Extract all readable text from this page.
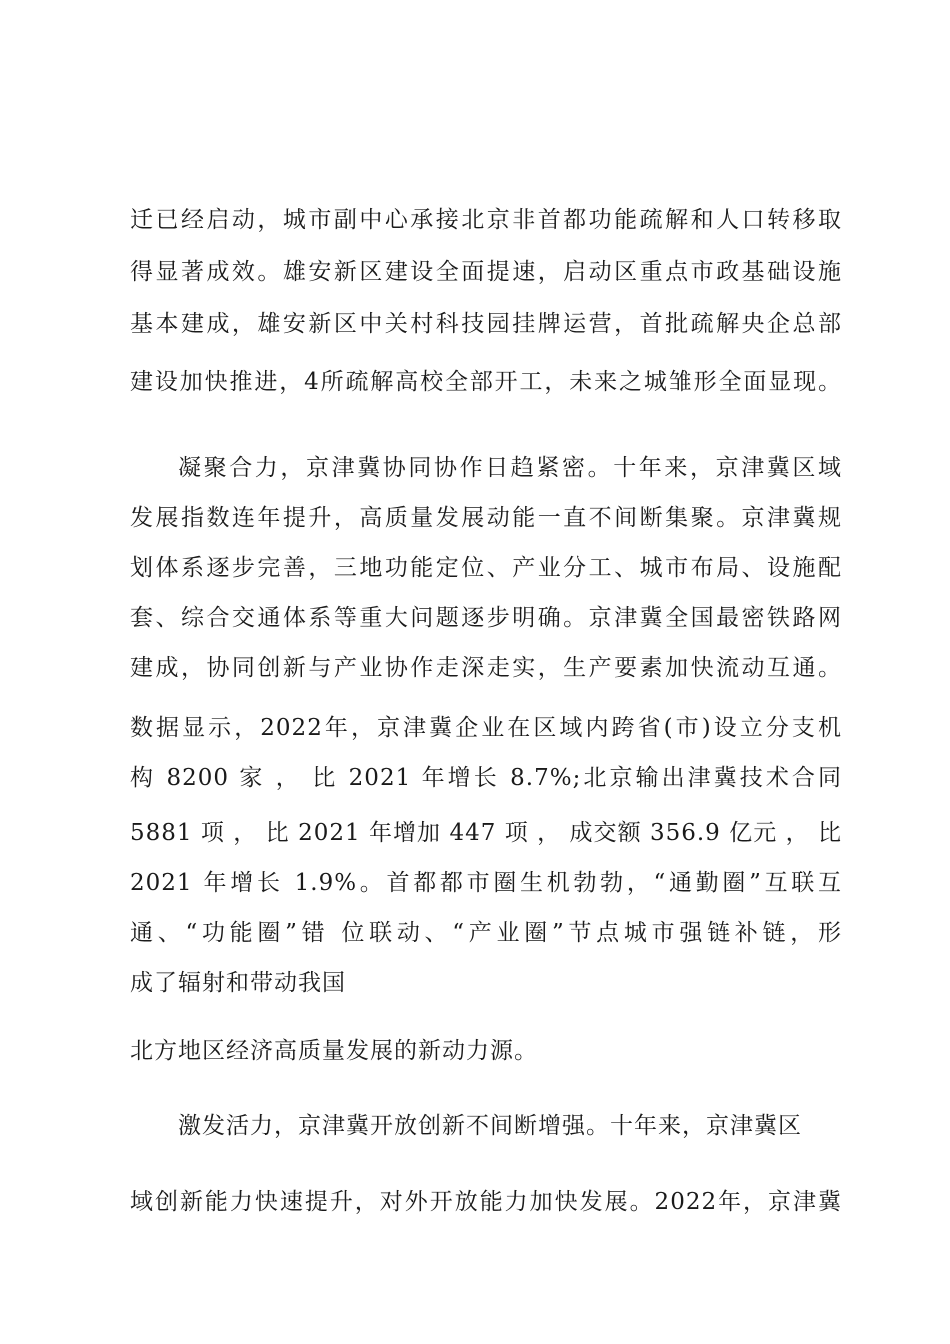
迁已经启动，城市副中心承接北京非首都功能疏解和人口转移取
得显著成效。雄安新区建设全面提速，启动区重点市政基础设施
基本建成，雄安新区中关村科技园挂牌运营，首批疏解央企总部
建设加快推进，4所疏解高校全部开工，未来之城雏形全面显现。
凝聚合力，京津冀协同协作日趋紧密。十年来，京津冀区域
发展指数连年提升，高质量发展动能一直不间断集聚。京津冀规
划体系逐步完善，三地功能定位、产业分工、城市布局、设施配
套、综合交通体系等重大问题逐步明确。京津冀全国最密铁路网
建成，协同创新与产业协作走深走实，生产要素加快流动互通。
数据显示，2022年，京津冀企业在区域内跨省(市)设立分支机
构 8200 家 ， 比 2021 年增长 8.7%;北京输出津冀技术合同
5881 项 ， 比 2021 年增加 447 项 ， 成交额 356.9 亿元 ， 比
2021 年增长 1.9%。首都都市圈生机勃勃，“通勤圈”互联互
通、“功能圈”错 位联动、“产业圈”节点城市强链补链，形
成了辐射和带动我国
北方地区经济高质量发展的新动力源。
激发活力，京津冀开放创新不间断增强。十年来，京津冀区
域创新能力快速提升，对外开放能力加快发展。2022年，京津冀
